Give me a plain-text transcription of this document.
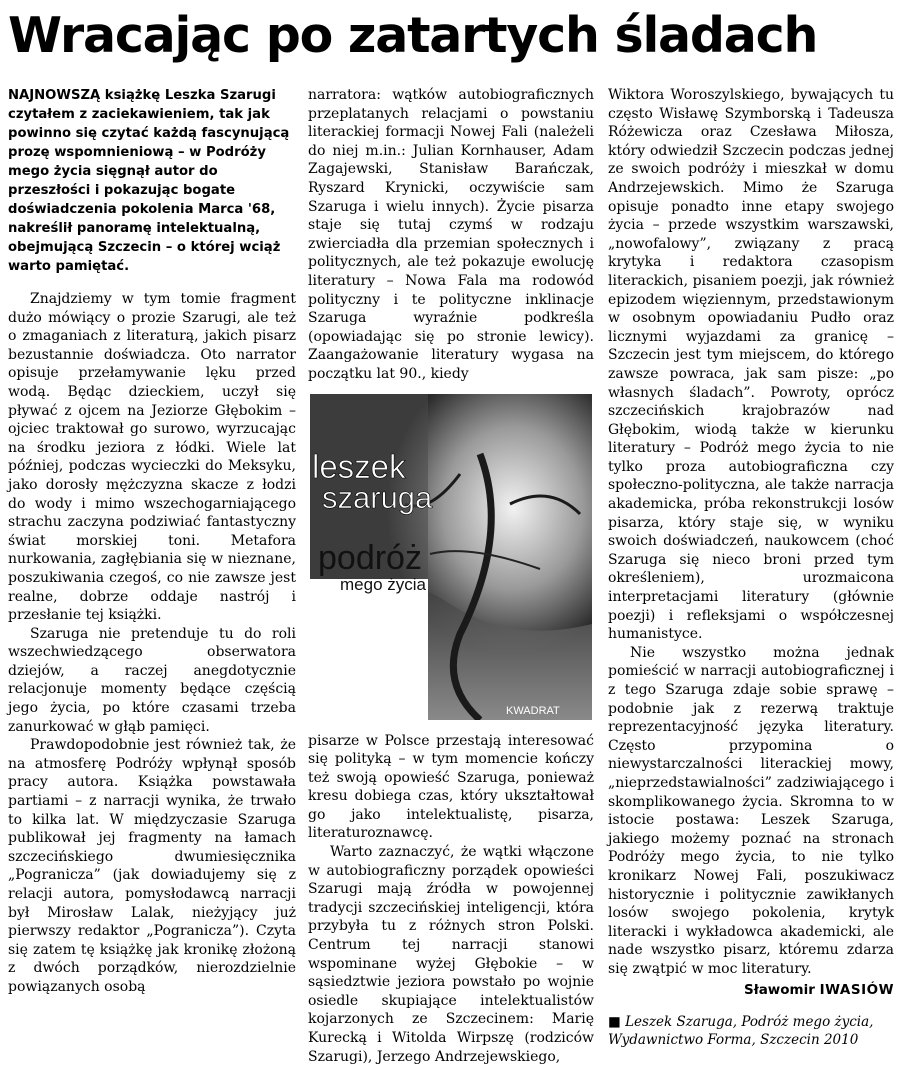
Wracając po zatartych śladach

NAJNOWSZĄ książkę Leszka Szarugi czytałem z zaciekawieniem, tak jak powinno się czytać każdą fascynującą prozę wspomnieniową – w Podróży mego życia sięgnął autor do przeszłości i pokazując bogate doświadczenia pokolenia Marca '68, nakreślił panoramę intelektualną, obejmującą Szczecin – o której wciąż warto pamiętać.

Znajdziemy w tym tomie fragment dużo mówiący o prozie Szarugi, ale też o zmaganiach z literaturą, jakich pisarz bezustannie doświadcza. Oto narrator opisuje przełamywanie lęku przed wodą. Będąc dzieckiem, uczył się pływać z ojcem na Jeziorze Głębokim – ojciec traktował go surowo, wyrzucając na środku jeziora z łódki. Wiele lat później, podczas wycieczki do Meksyku, jako dorosły mężczyzna skacze z łodzi do wody i mimo wszechogarniającego strachu zaczyna podziwiać fantastyczny świat morskiej toni. Metafora nurkowania, zagłębiania się w nieznane, poszukiwania czegoś, co nie zawsze jest realne, dobrze oddaje nastrój i przesłanie tej książki.

Szaruga nie pretenduje tu do roli wszechwiedzącego obserwatora dziejów, a raczej anegdotycznie relacjonuje momenty będące częścią jego życia, po które czasami trzeba zanurkować w głąb pamięci.

Prawdopodobnie jest również tak, że na atmosferę Podróży wpłynął sposób pracy autora. Książka powstawała partiami – z narracji wynika, że trwało to kilka lat. W międzyczasie Szaruga publikował jej fragmenty na łamach szczecińskiego dwumiesięcznika „Pogranicza” (jak dowiadujemy się z relacji autora, pomysłodawcą narracji był Mirosław Lalak, nieżyjący już pierwszy redaktor „Pogranicza”). Czyta się zatem tę książkę jak kronikę złożoną z dwóch porządków, nierozdzielnie powiązanych osobą

narratora: wątków autobiograficznych przeplatanych relacjami o powstaniu literackiej formacji Nowej Fali (należeli do niej m.in.: Julian Kornhauser, Adam Zagajewski, Stanisław Barańczak, Ryszard Krynicki, oczywiście sam Szaruga i wielu innych). Życie pisarza staje się tutaj czymś w rodzaju zwierciadła dla przemian społecznych i politycznych, ale też pokazuje ewolucję literatury – Nowa Fala ma rodowód polityczny i te polityczne inklinacje Szaruga wyraźnie podkreśla (opowiadając się po stronie lewicy). Zaangażowanie literatury wygasa na początku lat 90., kiedy

leszek
szaruga
podróż
mego życia
KWADRAT

pisarze w Polsce przestają interesować się polityką – w tym momencie kończy też swoją opowieść Szaruga, ponieważ kresu dobiega czas, który ukształtował go jako intelektualistę, pisarza, literaturoznawcę.

Warto zaznaczyć, że wątki włączone w autobiograficzny porządek opowieści Szarugi mają źródła w powojennej tradycji szczecińskiej inteligencji, która przybyła tu z różnych stron Polski. Centrum tej narracji stanowi wspominane wyżej Głębokie – w sąsiedztwie jeziora powstało po wojnie osiedle skupiające intelektualistów kojarzonych ze Szczecinem: Marię Kurecką i Witolda Wirpszę (rodziców Szarugi), Jerzego Andrzejewskiego,

Wiktora Woroszylskiego, bywających tu często Wisławę Szymborską i Tadeusza Różewicza oraz Czesława Miłosza, który odwiedził Szczecin podczas jednej ze swoich podróży i mieszkał w domu Andrzejewskich. Mimo że Szaruga opisuje ponadto inne etapy swojego życia – przede wszystkim warszawski, „nowofalowy”, związany z pracą krytyka i redaktora czasopism literackich, pisaniem poezji, jak również epizodem więziennym, przedstawionym w osobnym opowiadaniu Pudło oraz licznymi wyjazdami za granicę – Szczecin jest tym miejscem, do którego zawsze powraca, jak sam pisze: „po własnych śladach”. Powroty, oprócz szczecińskich krajobrazów nad Głębokim, wiodą także w kierunku literatury – Podróż mego życia to nie tylko proza autobiograficzna czy społeczno-polityczna, ale także narracja akademicka, próba rekonstrukcji losów pisarza, który staje się, w wyniku swoich doświadczeń, naukowcem (choć Szaruga się nieco broni przed tym określeniem), urozmaicona interpretacjami literatury (głównie poezji) i refleksjami o współczesnej humanistyce.

Nie wszystko można jednak pomieścić w narracji autobiograficznej i z tego Szaruga zdaje sobie sprawę – podobnie jak z rezerwą traktuje reprezentacyjność języka literatury. Często przypomina o niewystarczalności literackiej mowy, „nieprzedstawialności” zadziwiającego i skomplikowanego życia. Skromna to w istocie postawa: Leszek Szaruga, jakiego możemy poznać na stronach Podróży mego życia, to nie tylko kronikarz Nowej Fali, poszukiwacz historycznie i politycznie zawikłanych losów swojego pokolenia, krytyk literacki i wykładowca akademicki, ale nade wszystko pisarz, któremu zdarza się zwątpić w moc literatury.

Sławomir IWASIÓW

■ Leszek Szaruga, Podróż mego życia, Wydawnictwo Forma, Szczecin 2010
